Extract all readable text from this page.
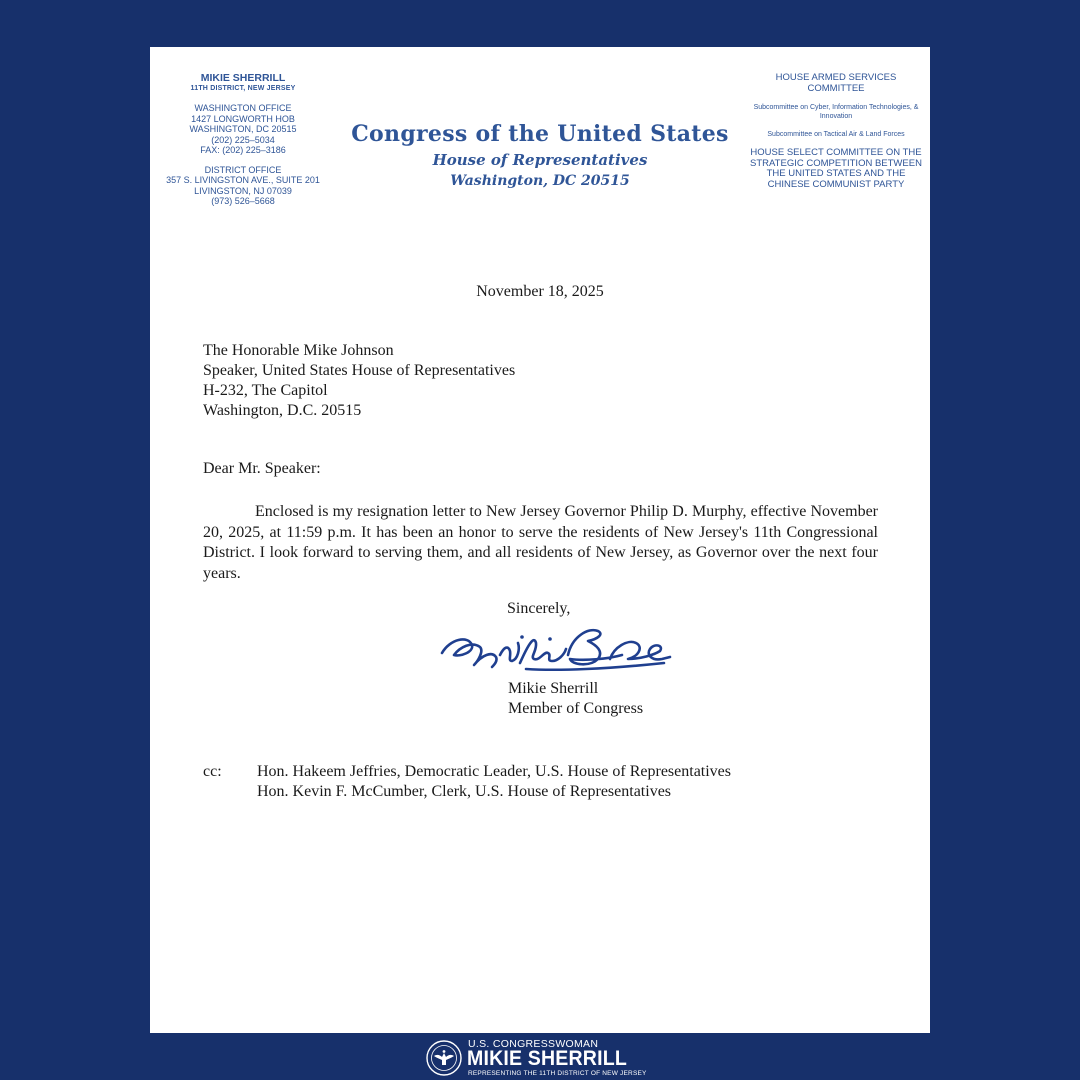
MIKIE SHERRILL
11TH DISTRICT, NEW JERSEY
WASHINGTON OFFICE
1427 LONGWORTH HOB
WASHINGTON, DC 20515
(202) 225–5034
FAX: (202) 225–3186
DISTRICT OFFICE
357 S. LIVINGSTON AVE., SUITE 201
LIVINGSTON, NJ 07039
(973) 526–5668
Congress of the United States
House of Representatives
Washington, DC 20515
HOUSE ARMED SERVICES COMMITTEE
Subcommittee on Cyber, Information Technologies, & Innovation
Subcommittee on Tactical Air & Land Forces
HOUSE SELECT COMMITTEE ON THE STRATEGIC COMPETITION BETWEEN THE UNITED STATES AND THE CHINESE COMMUNIST PARTY
November 18, 2025
The Honorable Mike Johnson
Speaker, United States House of Representatives
H-232, The Capitol
Washington, D.C. 20515
Dear Mr. Speaker:
Enclosed is my resignation letter to New Jersey Governor Philip D. Murphy, effective November 20, 2025, at 11:59 p.m. It has been an honor to serve the residents of New Jersey's 11th Congressional District. I look forward to serving them, and all residents of New Jersey, as Governor over the next four years.
Sincerely,
Mikie Sherrill
Member of Congress
cc: Hon. Hakeem Jeffries, Democratic Leader, U.S. House of Representatives
Hon. Kevin F. McCumber, Clerk, U.S. House of Representatives
U.S. CONGRESSWOMAN
MIKIE SHERRILL
REPRESENTING THE 11TH DISTRICT OF NEW JERSEY
